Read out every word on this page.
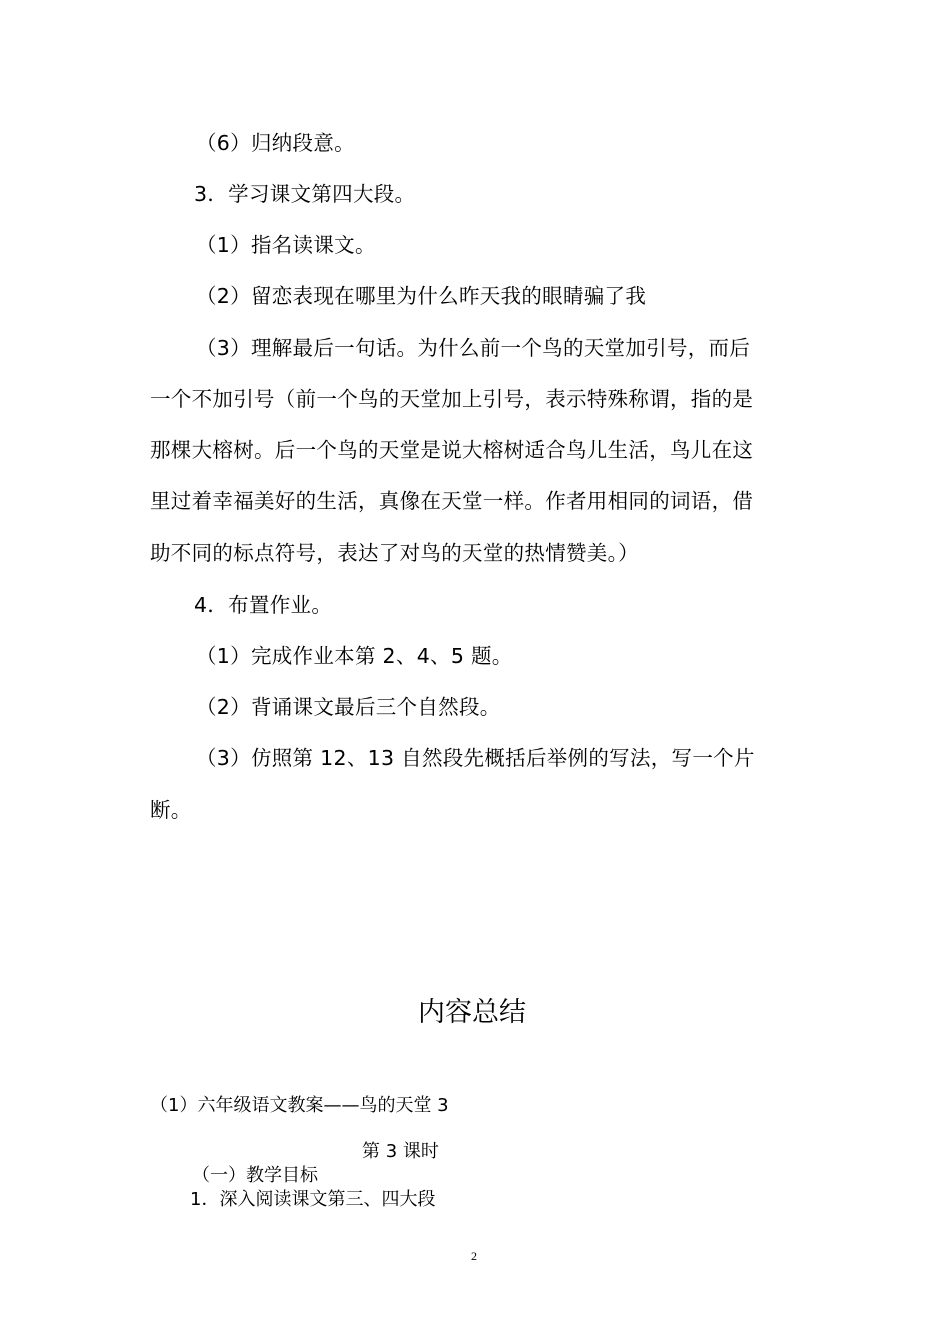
（6）归纳段意。
3．学习课文第四大段。
（1）指名读课文。
（2）留恋表现在哪里为什么昨天我的眼睛骗了我
（3）理解最后一句话。为什么前一个鸟的天堂加引号，而后
一个不加引号（前一个鸟的天堂加上引号，表示特殊称谓，指的是
那棵大榕树。后一个鸟的天堂是说大榕树适合鸟儿生活，鸟儿在这
里过着幸福美好的生活，真像在天堂一样。作者用相同的词语，借
助不同的标点符号，表达了对鸟的天堂的热情赞美。）
4．布置作业。
（1）完成作业本第 2、4、5 题。
（2）背诵课文最后三个自然段。
（3）仿照第 12、13 自然段先概括后举例的写法，写一个片
断。
内容总结
（1）六年级语文教案——鸟的天堂 3
第 3 课时
（一）教学目标
1．深入阅读课文第三、四大段
2
